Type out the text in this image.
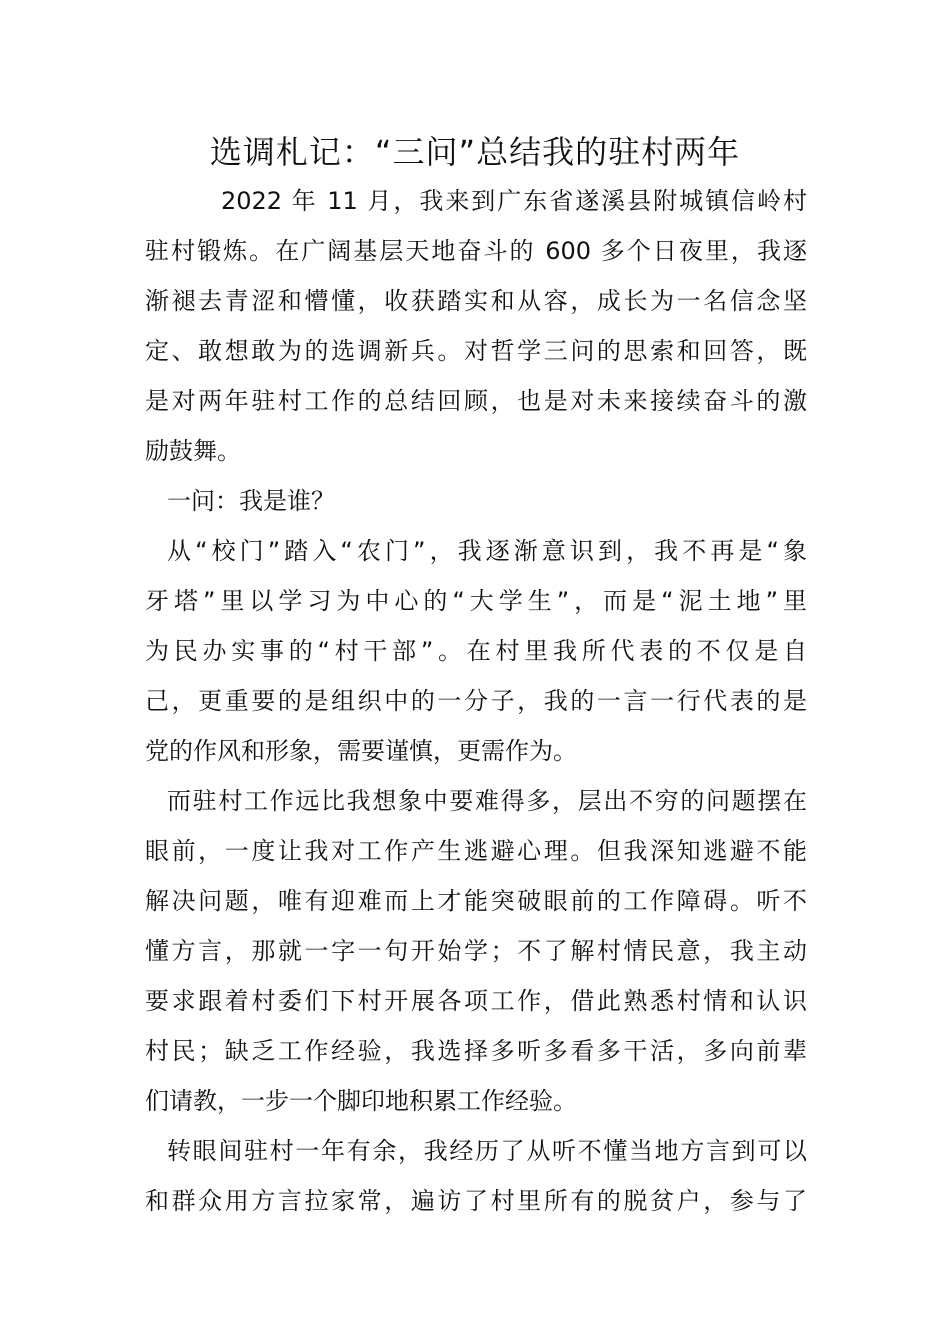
选调札记：“三问”总结我的驻村两年
2022 年 11 月，我来到广东省遂溪县附城镇信岭村
驻村锻炼。在广阔基层天地奋斗的 600 多个日夜里，我逐
渐褪去青涩和懵懂，收获踏实和从容，成长为一名信念坚
定、敢想敢为的选调新兵。对哲学三问的思索和回答，既
是对两年驻村工作的总结回顾，也是对未来接续奋斗的激
励鼓舞。
一问：我是谁？
从“校门”踏入“农门”，我逐渐意识到，我不再是“象
牙塔”里以学习为中心的“大学生”，而是“泥土地”里
为民办实事的“村干部”。在村里我所代表的不仅是自
己，更重要的是组织中的一分子，我的一言一行代表的是
党的作风和形象，需要谨慎，更需作为。
而驻村工作远比我想象中要难得多，层出不穷的问题摆在
眼前，一度让我对工作产生逃避心理。但我深知逃避不能
解决问题，唯有迎难而上才能突破眼前的工作障碍。听不
懂方言，那就一字一句开始学；不了解村情民意，我主动
要求跟着村委们下村开展各项工作，借此熟悉村情和认识
村民；缺乏工作经验，我选择多听多看多干活，多向前辈
们请教，一步一个脚印地积累工作经验。
转眼间驻村一年有余，我经历了从听不懂当地方言到可以
和群众用方言拉家常，遍访了村里所有的脱贫户，参与了
